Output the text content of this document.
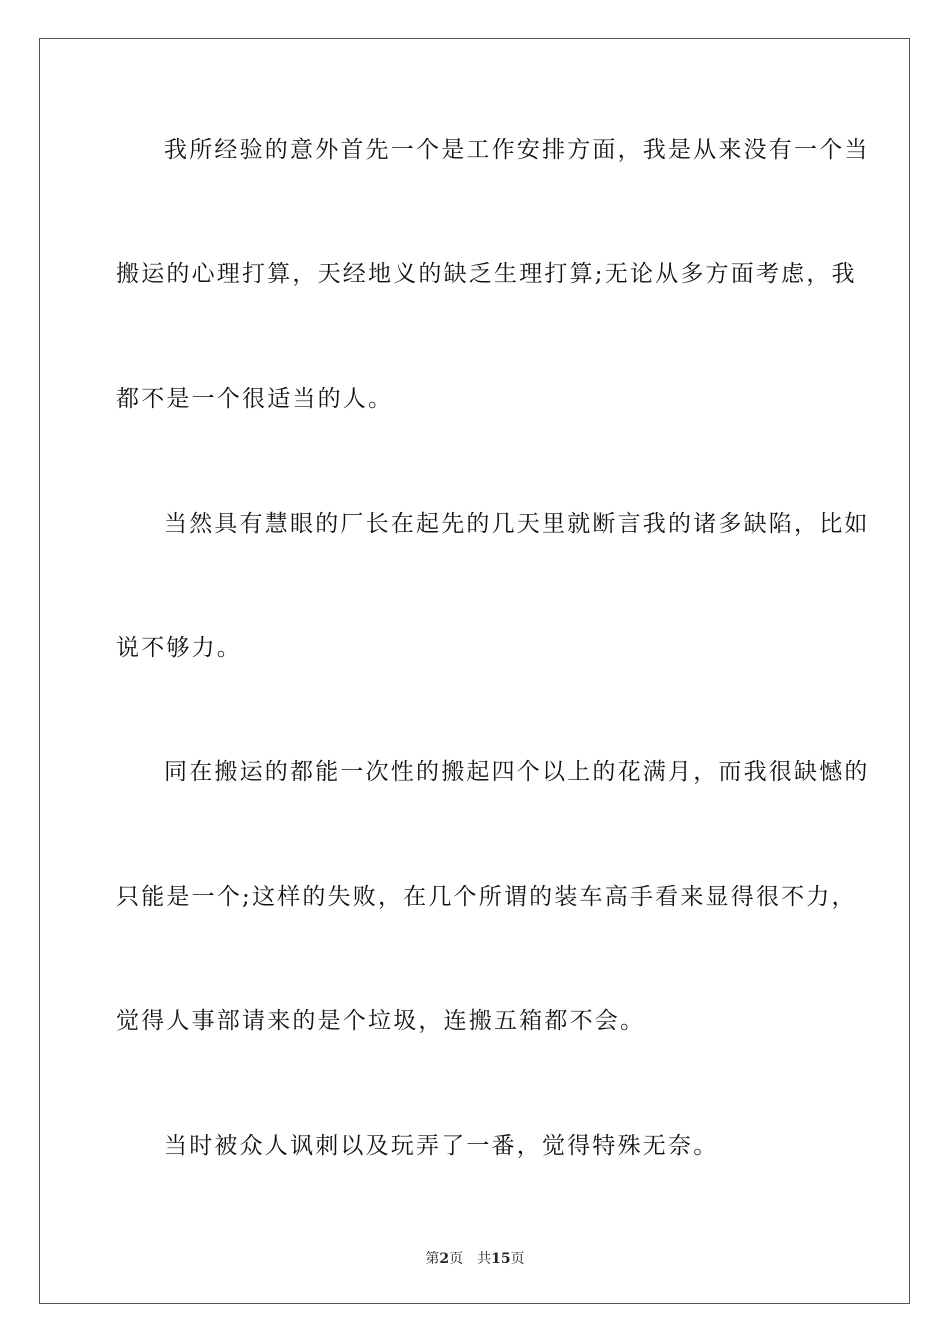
我所经验的意外首先一个是工作安排方面，我是从来没有一个当
搬运的心理打算，天经地义的缺乏生理打算;无论从多方面考虑，我
都不是一个很适当的人。
当然具有慧眼的厂长在起先的几天里就断言我的诸多缺陷，比如
说不够力。
同在搬运的都能一次性的搬起四个以上的花满月，而我很缺憾的
只能是一个;这样的失败，在几个所谓的装车高手看来显得很不力，
觉得人事部请来的是个垃圾，连搬五箱都不会。
当时被众人讽刺以及玩弄了一番，觉得特殊无奈。
第2页 共15页
